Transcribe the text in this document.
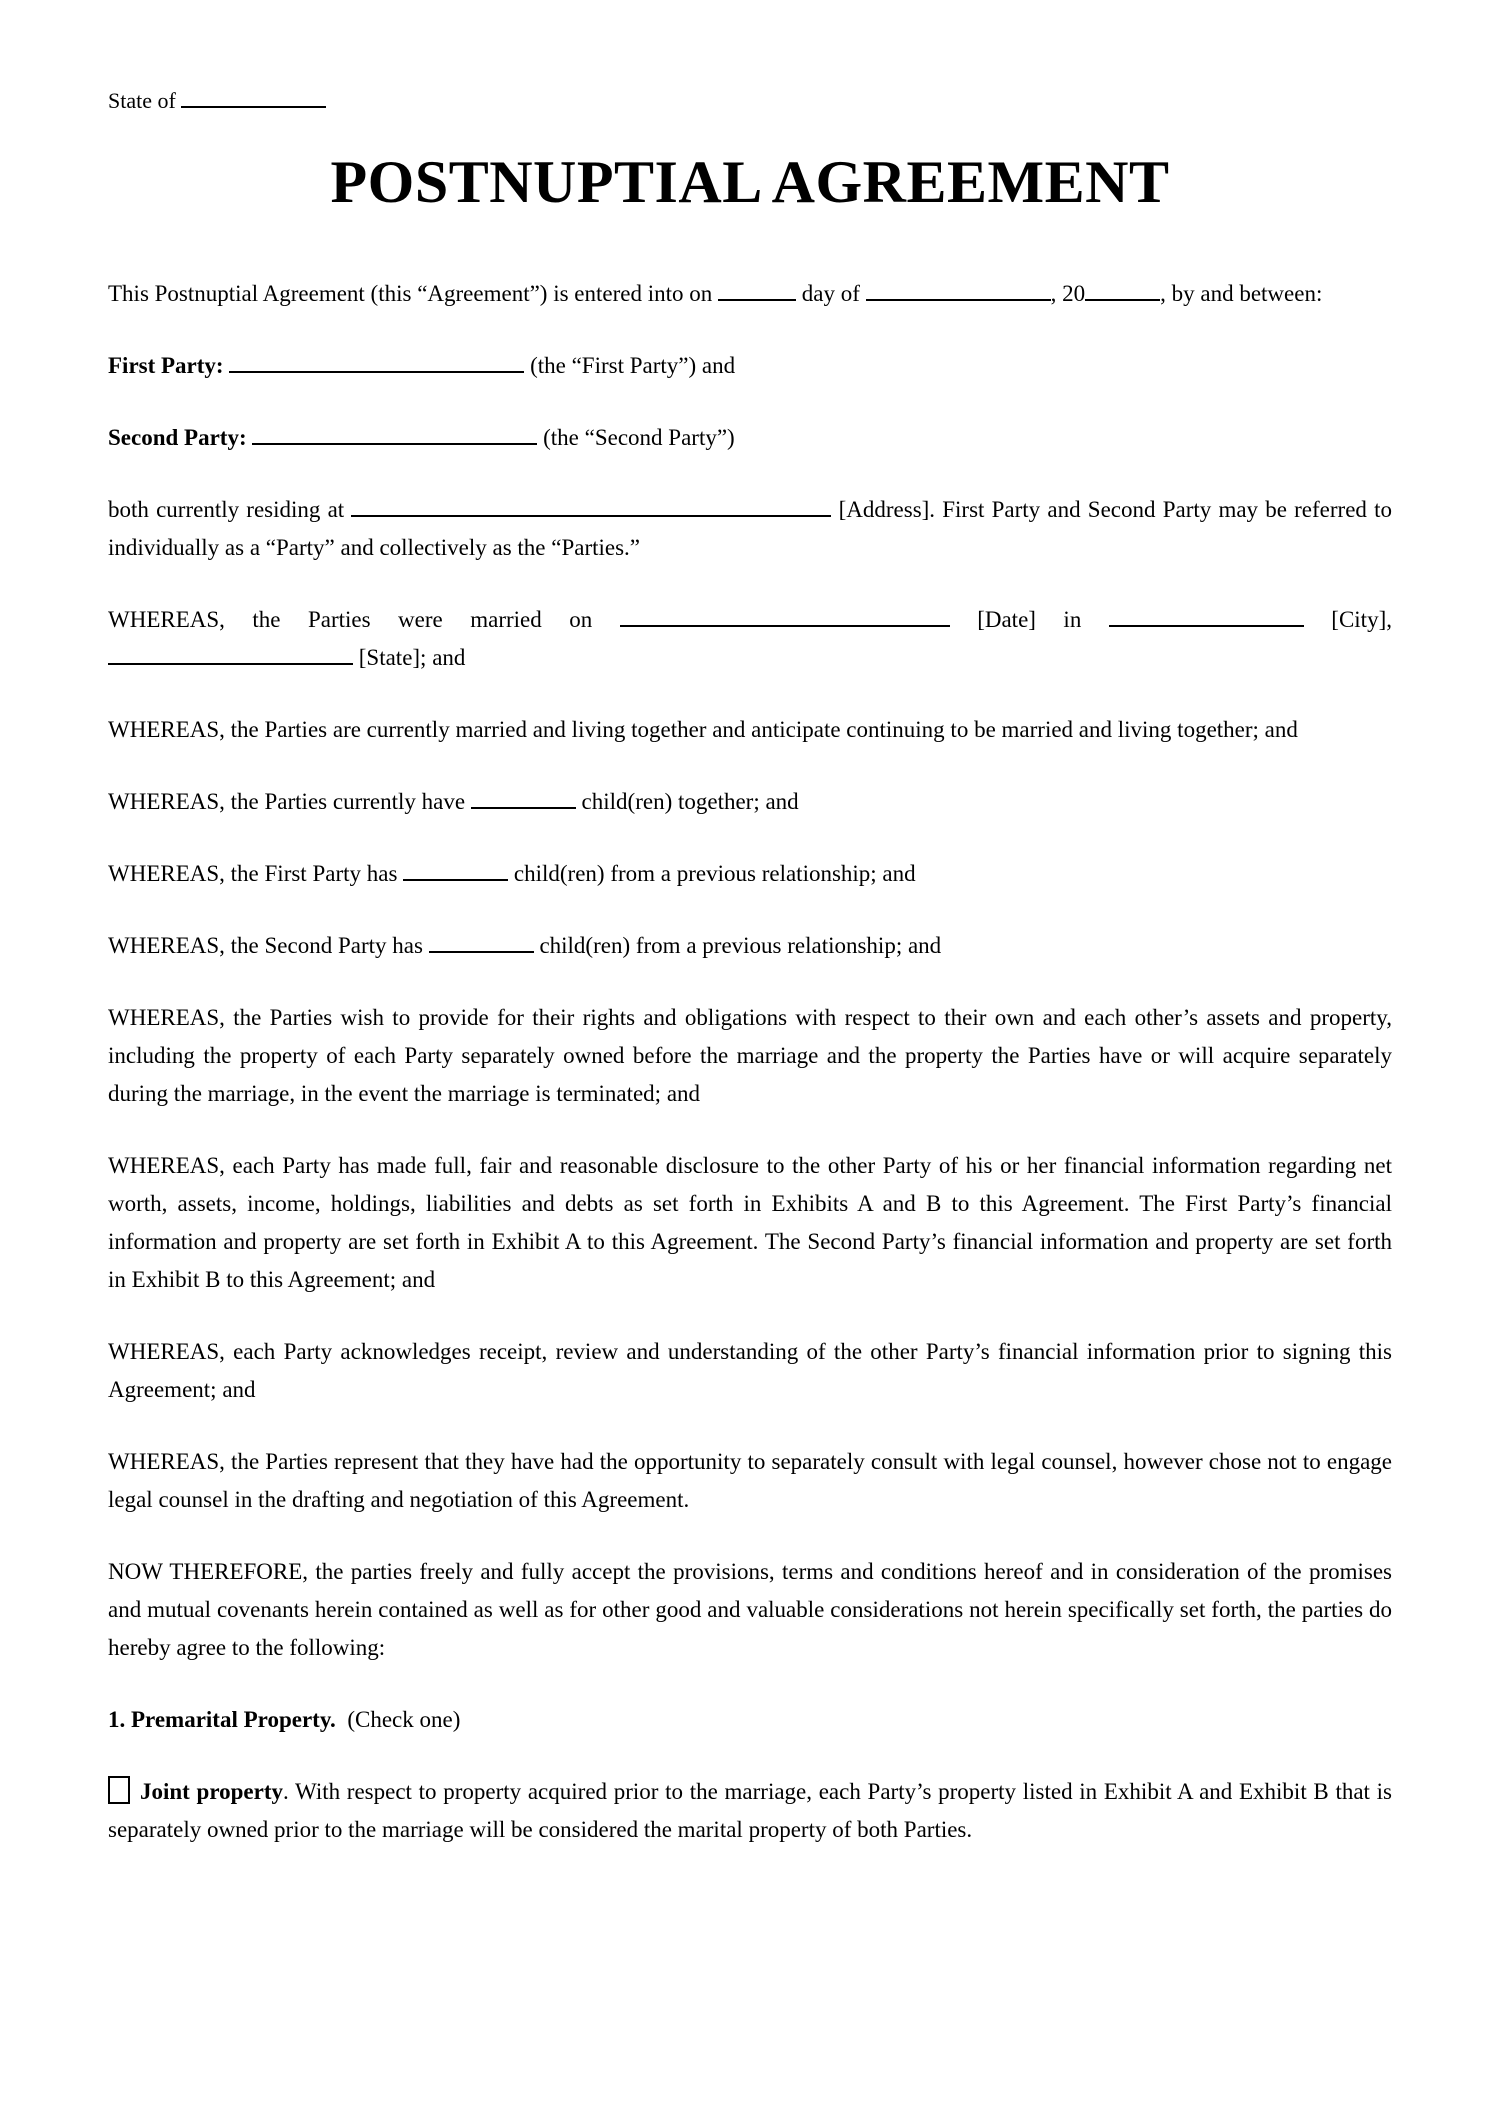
State of
POSTNUPTIAL AGREEMENT

This Postnuptial Agreement (this “Agreement”) is entered into on	day of	, 20	, by and between:

First Party:	(the “First Party”) and

Second Party:	(the “Second Party”)

both currently residing at	[Address]. First Party and Second Party may be referred to individually as a “Party” and collectively as the “Parties.”

WHEREAS, the Parties were married on	[Date] in	[City],  [State]; and

WHEREAS, the Parties are currently married and living together and anticipate continuing to be married and living together; and

WHEREAS, the Parties currently have	child(ren) together; and

WHEREAS, the First Party has	child(ren) from a previous relationship; and

WHEREAS, the Second Party has	child(ren) from a previous relationship; and

WHEREAS, the Parties wish to provide for their rights and obligations with respect to their own and each other’s assets and property, including the property of each Party separately owned before the marriage and the property the Parties have or will acquire separately during the marriage, in the event the marriage is terminated; and

WHEREAS, each Party has made full, fair and reasonable disclosure to the other Party of his or her financial information regarding net worth, assets, income, holdings, liabilities and debts as set forth in Exhibits A and B to this Agreement. The First Party’s financial information and property are set forth in Exhibit A to this Agreement. The Second Party’s financial information and property are set forth in Exhibit B to this Agreement; and

WHEREAS, each Party acknowledges receipt, review and understanding of the other Party’s financial information prior to signing this Agreement; and

WHEREAS, the Parties represent that they have had the opportunity to separately consult with legal counsel, however chose not to engage legal counsel in the drafting and negotiation of this Agreement.

NOW THEREFORE, the parties freely and fully accept the provisions, terms and conditions hereof and in consideration of the promises and mutual covenants herein contained as well as for other good and valuable considerations not herein specifically set forth, the parties do hereby agree to the following:

1. Premarital Property.  (Check one)

Joint property. With respect to property acquired prior to the marriage, each Party’s property listed in Exhibit A and Exhibit B that is separately owned prior to the marriage will be considered the marital property of both Parties.
